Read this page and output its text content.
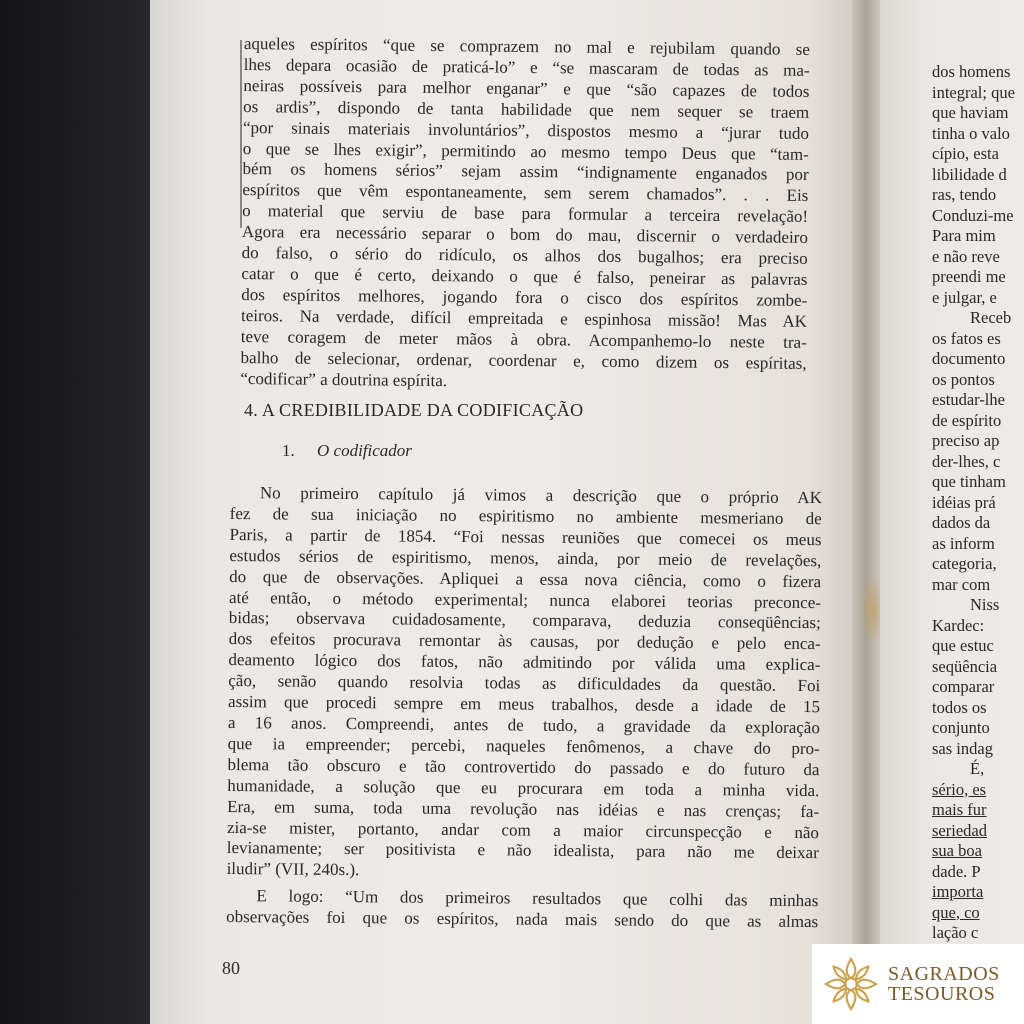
aqueles espíritos “que se comprazem no mal e rejubilam quando se
lhes depara ocasião de praticá-lo” e “se mascaram de todas as ma-
neiras possíveis para melhor enganar” e que “são capazes de todos
os ardis”, dispondo de tanta habilidade que nem sequer se traem
“por sinais materiais involuntários”, dispostos mesmo a “jurar tudo
o que se lhes exigir”, permitindo ao mesmo tempo Deus que “tam-
bém os homens sérios” sejam assim “indignamente enganados por
espíritos que vêm espontaneamente, sem serem chamados”. . . Eis
o material que serviu de base para formular a terceira revelação!
Agora era necessário separar o bom do mau, discernir o verdadeiro
do falso, o sério do ridículo, os alhos dos bugalhos; era preciso
catar o que é certo, deixando o que é falso, peneirar as palavras
dos espíritos melhores, jogando fora o cisco dos espíritos zombe-
teiros. Na verdade, difícil empreitada e espinhosa missão! Mas AK
teve coragem de meter mãos à obra. Acompanhemo-lo neste tra-
balho de selecionar, ordenar, coordenar e, como dizem os espíritas,
“codificar” a doutrina espírita.
4. A CREDIBILIDADE DA CODIFICAÇÃO
1. O codificador
No primeiro capítulo já vimos a descrição que o próprio AK
fez de sua iniciação no espiritismo no ambiente mesmeriano de
Paris, a partir de 1854. “Foi nessas reuniões que comecei os meus
estudos sérios de espiritismo, menos, ainda, por meio de revelações,
do que de observações. Apliquei a essa nova ciência, como o fizera
até então, o método experimental; nunca elaborei teorias preconce-
bidas; observava cuidadosamente, comparava, deduzia conseqüências;
dos efeitos procurava remontar às causas, por dedução e pelo enca-
deamento lógico dos fatos, não admitindo por válida uma explica-
ção, senão quando resolvia todas as dificuldades da questão. Foi
assim que procedi sempre em meus trabalhos, desde a idade de 15
a 16 anos. Compreendi, antes de tudo, a gravidade da exploração
que ia empreender; percebi, naqueles fenômenos, a chave do pro-
blema tão obscuro e tão controvertido do passado e do futuro da
humanidade, a solução que eu procurara em toda a minha vida.
Era, em suma, toda uma revolução nas idéias e nas crenças; fa-
zia-se mister, portanto, andar com a maior circunspecção e não
levianamente; ser positivista e não idealista, para não me deixar
iludir” (VII, 240s.).
E logo: “Um dos primeiros resultados que colhi das minhas
observações foi que os espíritos, nada mais sendo do que as almas
80
dos homens
integral; que
que haviam
tinha o valo
cípio, esta
libilidade d
ras, tendo
Conduzi-me
Para mim
e não reve
preendi me
e julgar, e
Receb
os fatos es
documento
os pontos
estudar-lhe
de espírito
preciso ap
der-lhes, c
que tinham
idéias prá
dados da
as inform
categoria,
mar com
Niss
Kardec:
que estuc
seqüência
comparar
todos os
conjunto
sas indag
É,
sério, es
mais fur
seriedad
sua boa
dade. P
importa
que, co
lação c
SAGRADOS
TESOUROS
